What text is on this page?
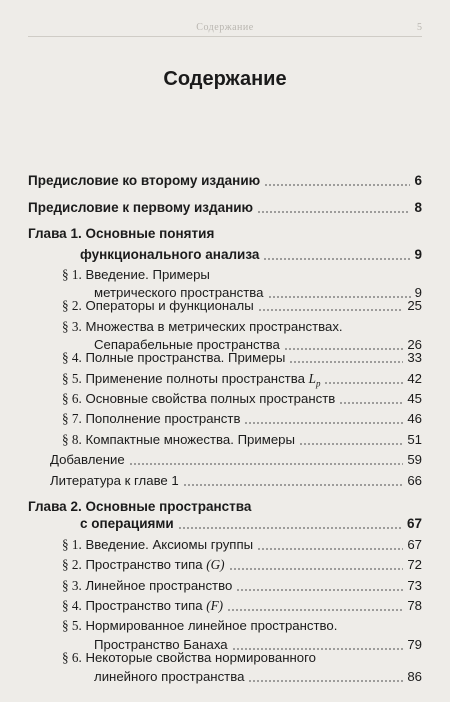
Содержание	5
Содержание
Предисловие ко второму изданию	6
Предисловие к первому изданию	8
Глава 1. Основные понятия
функционального анализа	9
§ 1. Введение. Примеры
метрического пространства	9
§ 2. Операторы и функционалы	25
§ 3. Множества в метрических пространствах.
Сепарабельные пространства	26
§ 4. Полные пространства. Примеры	33
§ 5. Применение полноты пространства $L_p$	42
§ 6. Основные свойства полных пространств	45
§ 7. Пополнение пространств	46
§ 8. Компактные множества. Примеры	51
Добавление	59
Литература к главе 1	66
Глава 2. Основные пространства
с операциями	67
§ 1. Введение. Аксиомы группы	67
§ 2. Пространство типа (G)	72
§ 3. Линейное пространство	73
§ 4. Пространство типа (F)	78
§ 5. Нормированное линейное пространство.
Пространство Банаха	79
§ 6. Некоторые свойства нормированного
линейного пространства	86
